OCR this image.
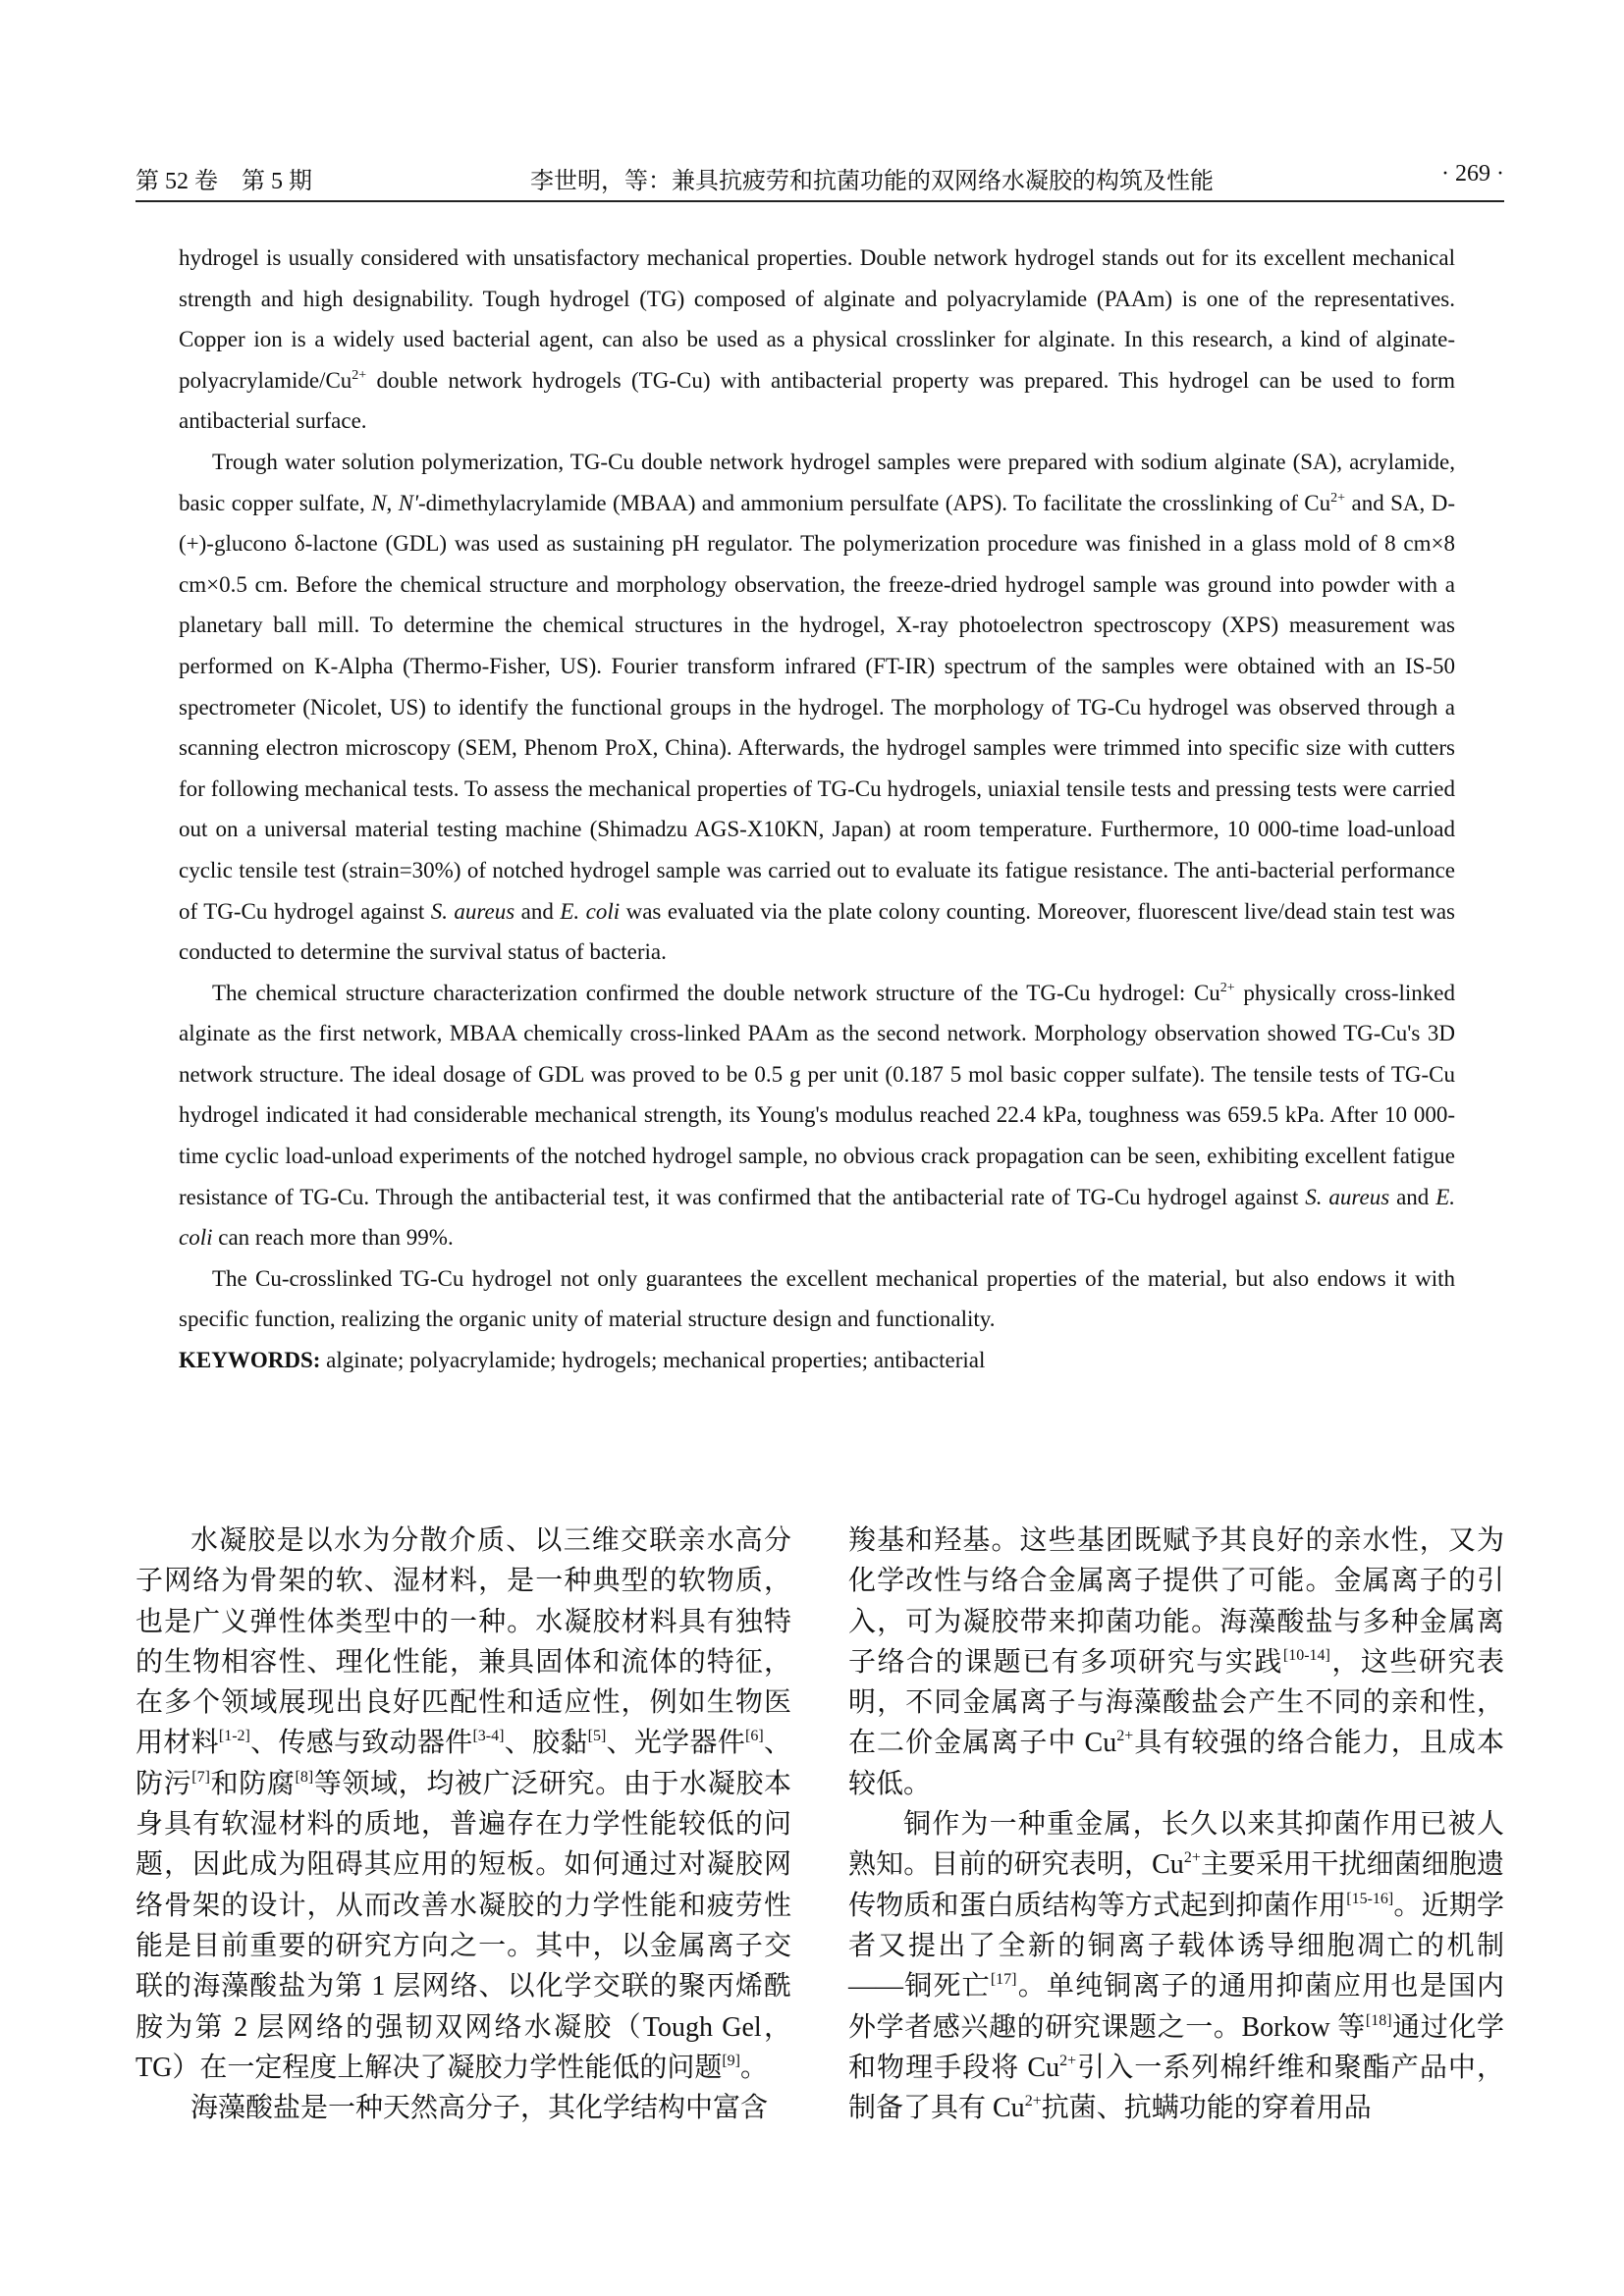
第 52 卷　第 5 期	李世明，等：兼具抗疲劳和抗菌功能的双网络水凝胶的构筑及性能	· 269 ·

hydrogel is usually considered with unsatisfactory mechanical properties. Double network hydrogel stands out for its excellent mechanical strength and high designability. Tough hydrogel (TG) composed of alginate and polyacrylamide (PAAm) is one of the representatives. Copper ion is a widely used bacterial agent, can also be used as a physical crosslinker for alginate. In this research, a kind of alginate-$polyacrylamide/Cu^{2+}$ double network hydrogels (TG-Cu) with antibacterial property was prepared. This hydrogel can be used to form antibacterial surface.

Trough water solution polymerization, TG-Cu double network hydrogel samples were prepared with sodium alginate (SA), acrylamide, basic copper sulfate, N, N'-dimethylacrylamide (MBAA) and ammonium persulfate (APS). To facilitate the crosslinking of $Cu^{2+}$ and SA, D-(+)-glucono δ-lactone (GDL) was used as sustaining pH regulator. The polymerization procedure was finished in a glass mold of 8 cm×8 cm×0.5 cm. Before the chemical structure and morphology observation, the freeze-dried hydrogel sample was ground into powder with a planetary ball mill. To determine the chemical structures in the hydrogel, X-ray photoelectron spectroscopy (XPS) measurement was performed on K-Alpha (Thermo-Fisher, US). Fourier transform infrared (FT-IR) spectrum of the samples were obtained with an IS-50 spectrometer (Nicolet, US) to identify the functional groups in the hydrogel. The morphology of TG-Cu hydrogel was observed through a scanning electron microscopy (SEM, Phenom ProX, China). Afterwards, the hydrogel samples were trimmed into specific size with cutters for following mechanical tests. To assess the mechanical properties of TG-Cu hydrogels, uniaxial tensile tests and pressing tests were carried out on a universal material testing machine (Shimadzu AGS-X10KN, Japan) at room temperature. Furthermore, 10 000-time load-unload cyclic tensile test (strain=30%) of notched hydrogel sample was carried out to evaluate its fatigue resistance. The anti-bacterial performance of TG-Cu hydrogel against S. aureus and E. coli was evaluated via the plate colony counting. Moreover, fluorescent live/dead stain test was conducted to determine the survival status of bacteria.

The chemical structure characterization confirmed the double network structure of the TG-Cu hydrogel: $Cu^{2+}$ physically cross-linked alginate as the first network, MBAA chemically cross-linked PAAm as the second network. Morphology observation showed TG-Cu's 3D network structure. The ideal dosage of GDL was proved to be 0.5 g per unit (0.187 5 mol basic copper sulfate). The tensile tests of TG-Cu hydrogel indicated it had considerable mechanical strength, its Young's modulus reached 22.4 kPa, toughness was 659.5 kPa. After 10 000-time cyclic load-unload experiments of the notched hydrogel sample, no obvious crack propagation can be seen, exhibiting excellent fatigue resistance of TG-Cu. Through the antibacterial test, it was confirmed that the antibacterial rate of TG-Cu hydrogel against S. aureus and E. coli can reach more than 99%.

The Cu-crosslinked TG-Cu hydrogel not only guarantees the excellent mechanical properties of the material, but also endows it with specific function, realizing the organic unity of material structure design and functionality.

KEYWORDS: alginate; polyacrylamide; hydrogels; mechanical properties; antibacterial

水凝胶是以水为分散介质、以三维交联亲水高分子网络为骨架的软、湿材料，是一种典型的软物质，也是广义弹性体类型中的一种。水凝胶材料具有独特的生物相容性、理化性能，兼具固体和流体的特征，在多个领域展现出良好匹配性和适应性，例如生物医用材料[1-2]、传感与致动器件[3-4]、胶黏[5]、光学器件[6]、防污[7]和防腐[8]等领域，均被广泛研究。由于水凝胶本身具有软湿材料的质地，普遍存在力学性能较低的问题，因此成为阻碍其应用的短板。如何通过对凝胶网络骨架的设计，从而改善水凝胶的力学性能和疲劳性能是目前重要的研究方向之一。其中，以金属离子交联的海藻酸盐为第 1 层网络、以化学交联的聚丙烯酰胺为第 2 层网络的强韧双网络水凝胶（Tough Gel，TG）在一定程度上解决了凝胶力学性能低的问题[9]。

海藻酸盐是一种天然高分子，其化学结构中富含

羧基和羟基。这些基团既赋予其良好的亲水性，又为化学改性与络合金属离子提供了可能。金属离子的引入，可为凝胶带来抑菌功能。海藻酸盐与多种金属离子络合的课题已有多项研究与实践[10-14]，这些研究表明，不同金属离子与海藻酸盐会产生不同的亲和性，在二价金属离子中 $Cu^{2+}$具有较强的络合能力，且成本较低。

铜作为一种重金属，长久以来其抑菌作用已被人熟知。目前的研究表明，$Cu^{2+}$主要采用干扰细菌细胞遗传物质和蛋白质结构等方式起到抑菌作用[15-16]。近期学者又提出了全新的铜离子载体诱导细胞凋亡的机制——铜死亡[17]。单纯铜离子的通用抑菌应用也是国内外学者感兴趣的研究课题之一。Borkow 等[18]通过化学和物理手段将 $Cu^{2+}$引入一系列棉纤维和聚酯产品中，制备了具有 $Cu^{2+}$抗菌、抗螨功能的穿着用品
